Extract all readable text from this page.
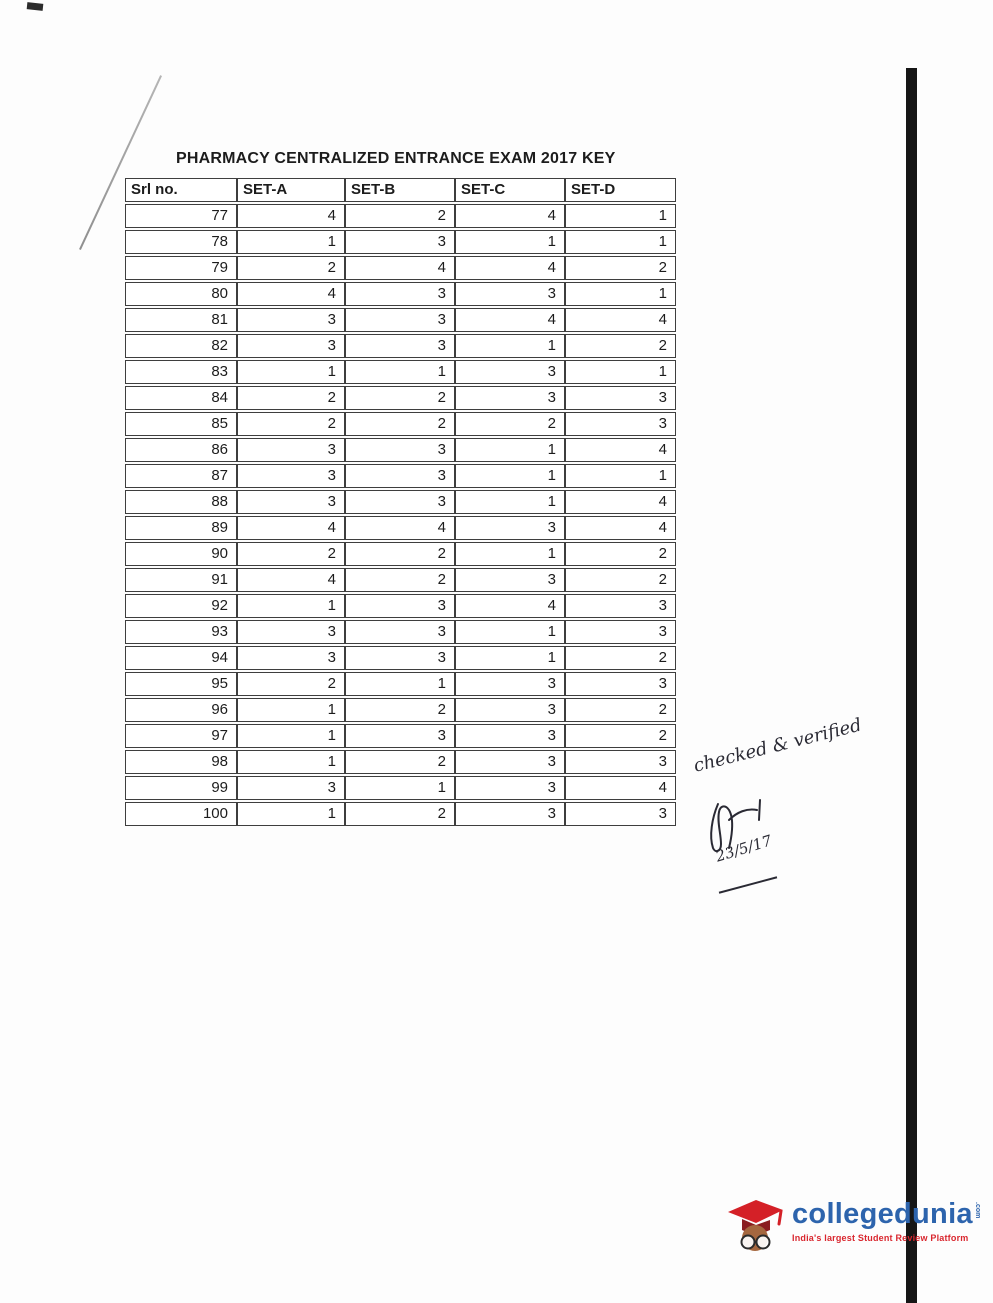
PHARMACY CENTRALIZED ENTRANCE EXAM 2017 KEY
Srl no.	SET-A	SET-B	SET-C	SET-D
77	4	2	4	1
78	1	3	1	1
79	2	4	4	2
80	4	3	3	1
81	3	3	4	4
82	3	3	1	2
83	1	1	3	1
84	2	2	3	3
85	2	2	2	3
86	3	3	1	4
87	3	3	1	1
88	3	3	1	4
89	4	4	3	4
90	2	2	1	2
91	4	2	3	2
92	1	3	4	3
93	3	3	1	3
94	3	3	1	2
95	2	1	3	3
96	1	2	3	2
97	1	3	3	2
98	1	2	3	3
99	3	1	3	4
100	1	2	3	3
checked & verified
23/5/17
collegedunia .com
India's largest Student Review Platform
